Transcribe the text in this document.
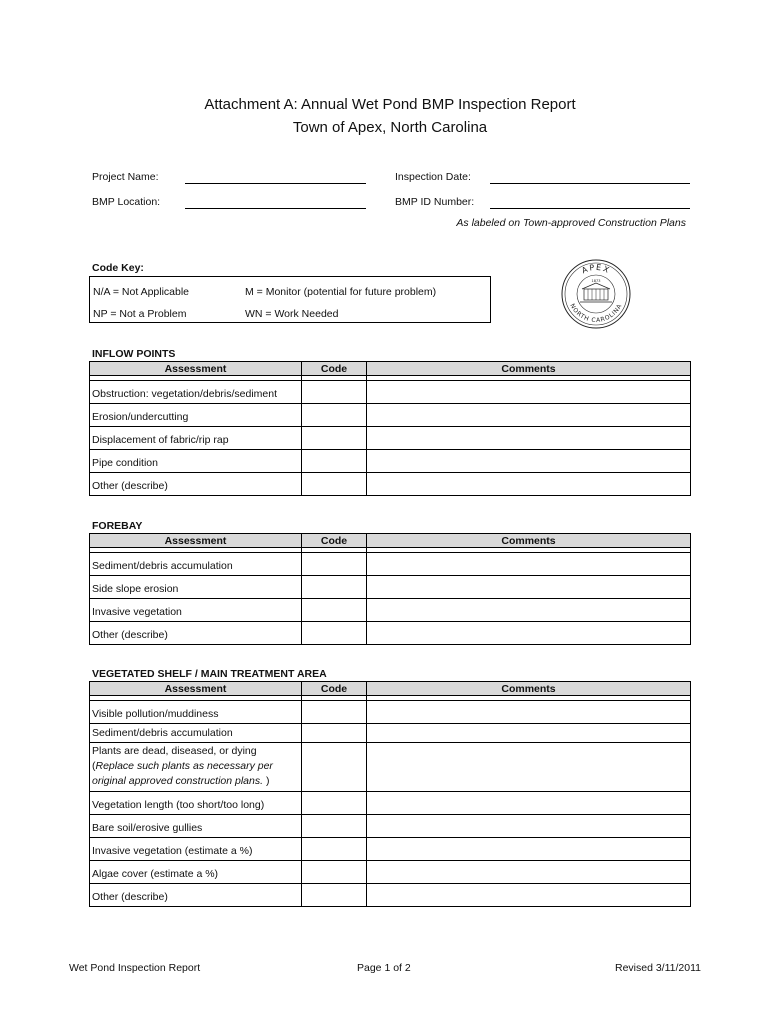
Attachment A: Annual Wet Pond BMP Inspection Report
Town of Apex, North Carolina
Project Name:	Inspection Date:
BMP Location:	BMP ID Number:
As labeled on Town-approved Construction Plans
Code Key:
N/A = Not Applicable	M = Monitor (potential for future problem)
NP = Not a Problem	WN = Work Needed
APEX
NORTH CAROLINA
1873
INFLOW POINTS
Assessment	Code	Comments

Obstruction: vegetation/debris/sediment		
Erosion/undercutting		
Displacement of fabric/rip rap		
Pipe condition		
Other (describe)		
FOREBAY
Assessment	Code	Comments

Sediment/debris accumulation		
Side slope erosion		
Invasive vegetation		
Other (describe)		
VEGETATED SHELF / MAIN TREATMENT AREA
Assessment	Code	Comments

Visible pollution/muddiness		
Sediment/debris accumulation		

Plants are dead, diseased, or dying
(Replace such plants as necessary per original approved construction plans. )		

Vegetation length (too short/too long)		
Bare soil/erosive gullies		
Invasive vegetation (estimate a %)		
Algae cover (estimate a %)		
Other (describe)		
Wet Pond Inspection Report	Page 1 of 2	Revised 3/11/2011
